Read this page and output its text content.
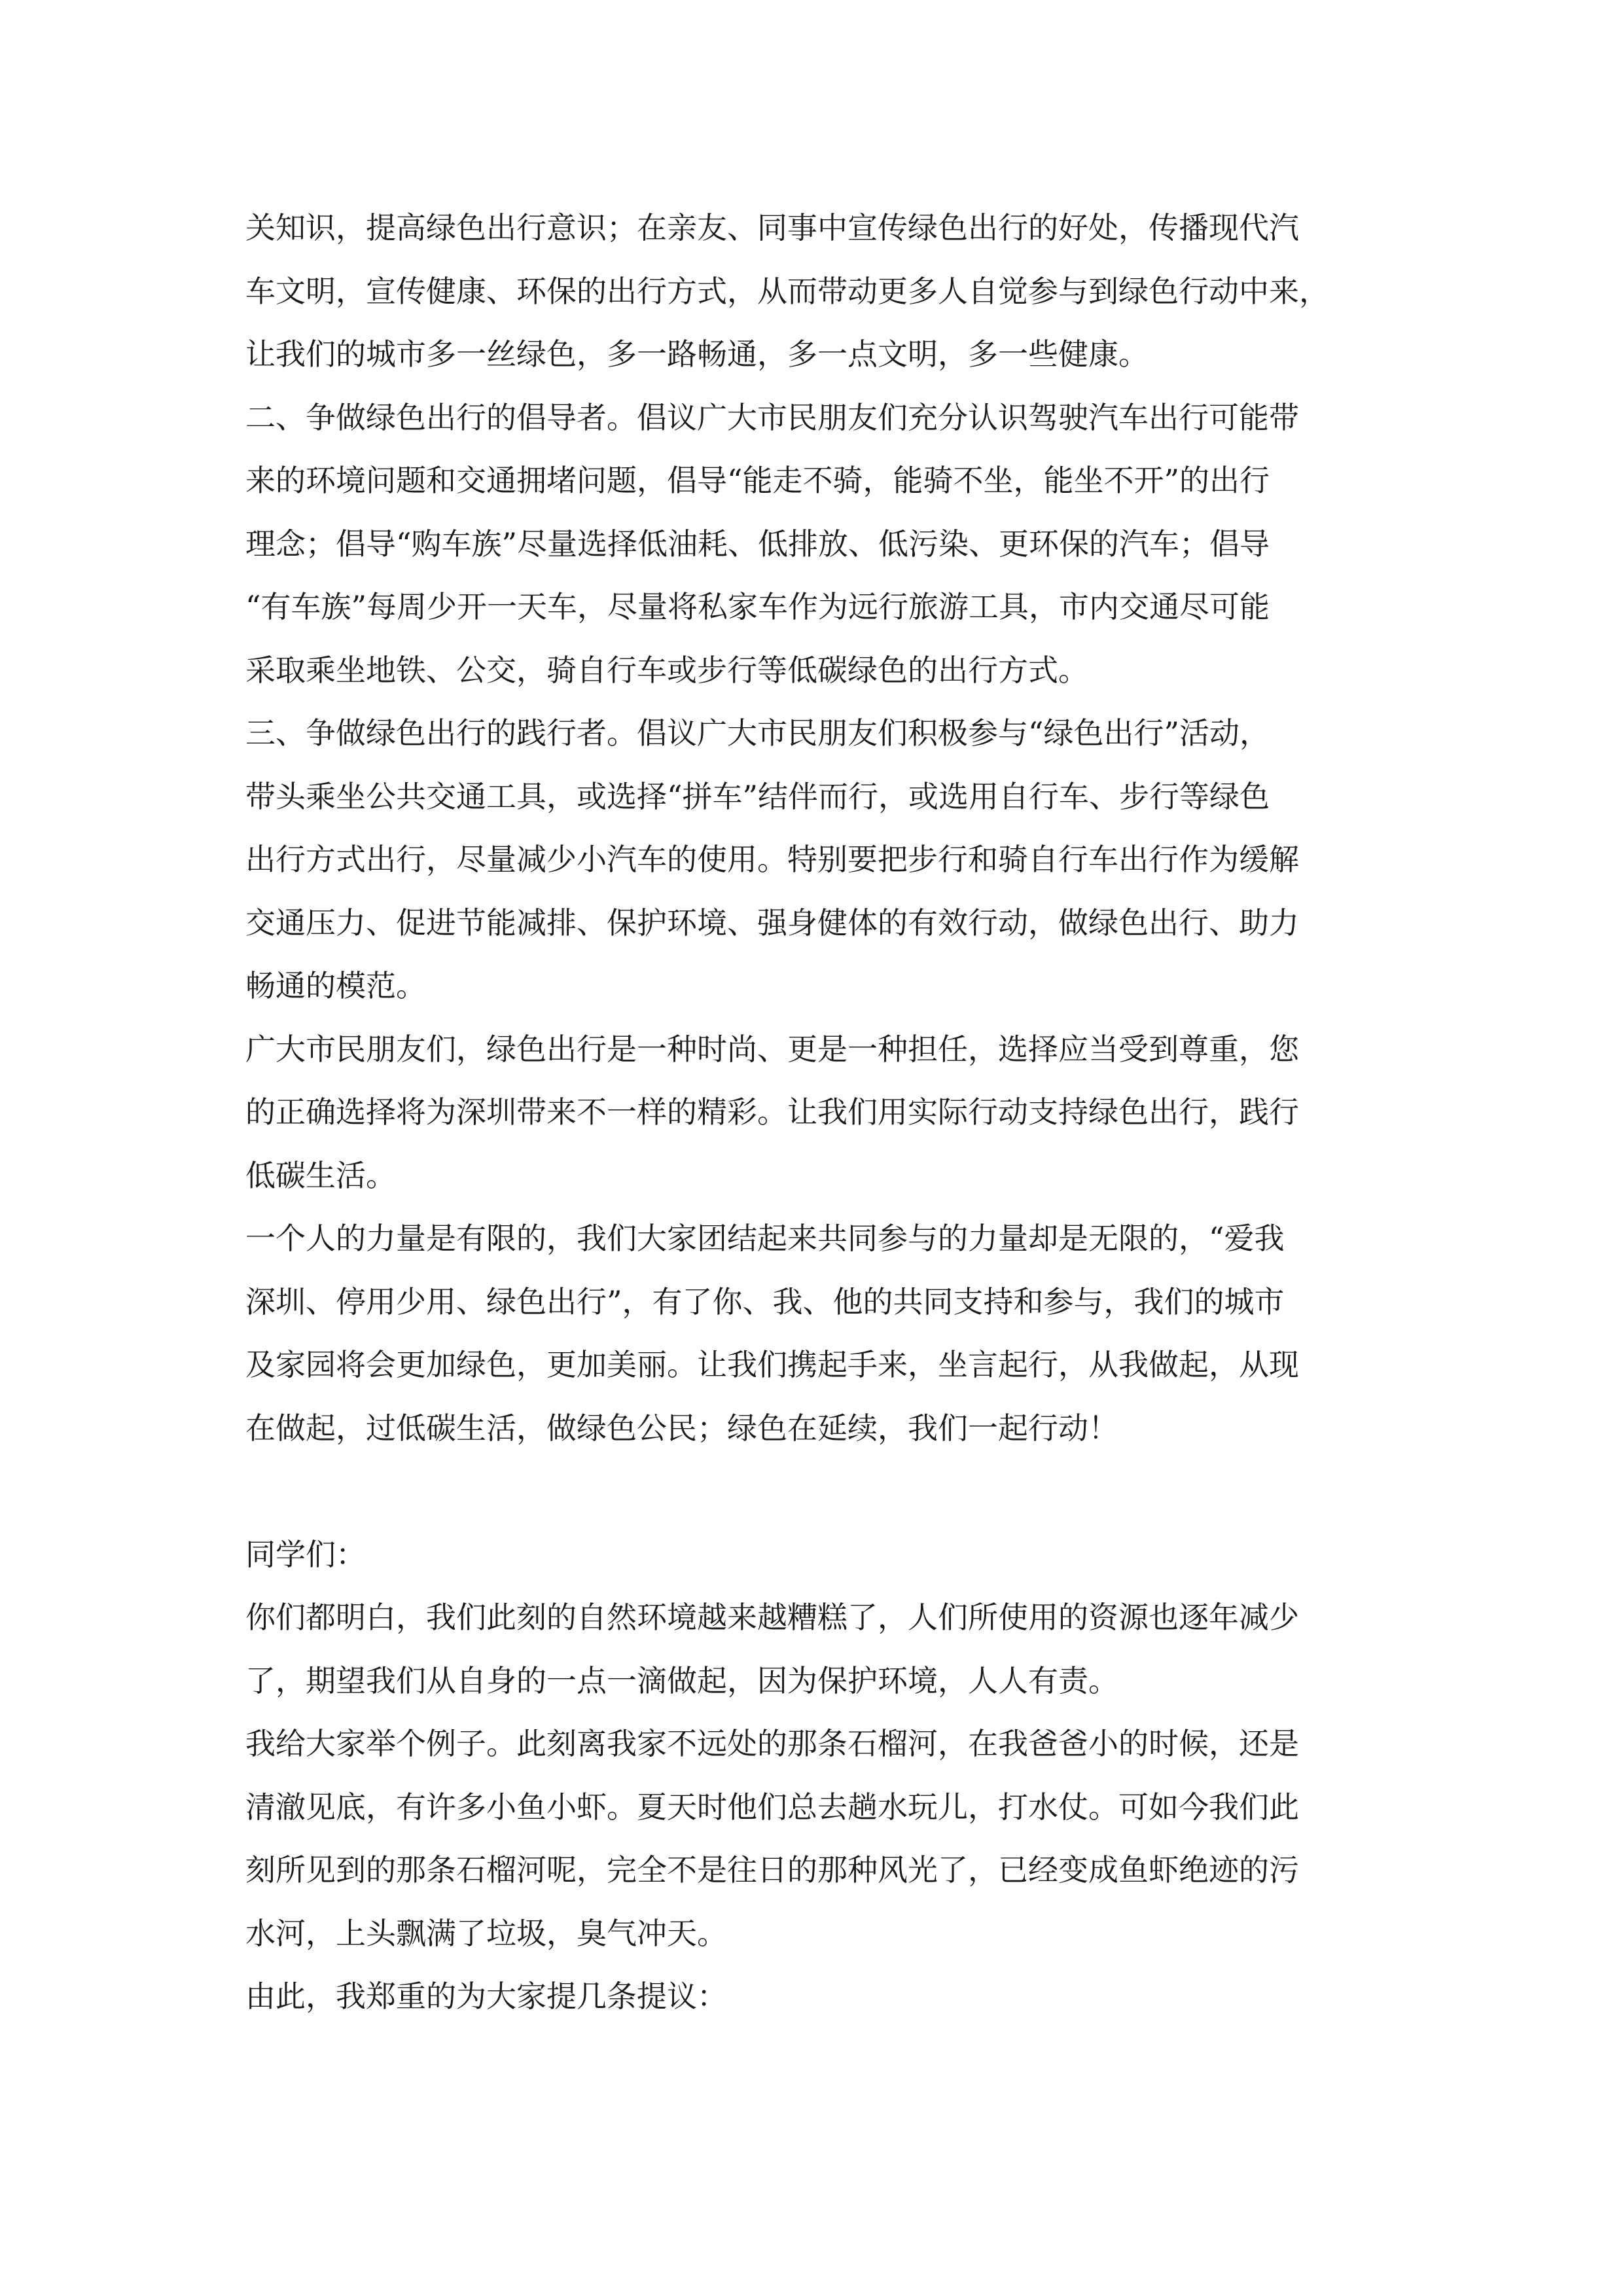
关知识，提高绿色出行意识；在亲友、同事中宣传绿色出行的好处，传播现代汽
车文明，宣传健康、环保的出行方式，从而带动更多人自觉参与到绿色行动中来，
让我们的城市多一丝绿色，多一路畅通，多一点文明，多一些健康。
二、争做绿色出行的倡导者。倡议广大市民朋友们充分认识驾驶汽车出行可能带
来的环境问题和交通拥堵问题，倡导“能走不骑，能骑不坐，能坐不开”的出行
理念；倡导“购车族”尽量选择低油耗、低排放、低污染、更环保的汽车；倡导
“有车族”每周少开一天车，尽量将私家车作为远行旅游工具，市内交通尽可能
采取乘坐地铁、公交，骑自行车或步行等低碳绿色的出行方式。
三、争做绿色出行的践行者。倡议广大市民朋友们积极参与“绿色出行”活动，
带头乘坐公共交通工具，或选择“拼车”结伴而行，或选用自行车、步行等绿色
出行方式出行，尽量减少小汽车的使用。特别要把步行和骑自行车出行作为缓解
交通压力、促进节能减排、保护环境、强身健体的有效行动，做绿色出行、助力
畅通的模范。
广大市民朋友们，绿色出行是一种时尚、更是一种担任，选择应当受到尊重，您
的正确选择将为深圳带来不一样的精彩。让我们用实际行动支持绿色出行，践行
低碳生活。
一个人的力量是有限的，我们大家团结起来共同参与的力量却是无限的，“爱我
深圳、停用少用、绿色出行”，有了你、我、他的共同支持和参与，我们的城市
及家园将会更加绿色，更加美丽。让我们携起手来，坐言起行，从我做起，从现
在做起，过低碳生活，做绿色公民；绿色在延续，我们一起行动！
同学们：
你们都明白，我们此刻的自然环境越来越糟糕了，人们所使用的资源也逐年减少
了，期望我们从自身的一点一滴做起，因为保护环境，人人有责。
我给大家举个例子。此刻离我家不远处的那条石榴河，在我爸爸小的时候，还是
清澈见底，有许多小鱼小虾。夏天时他们总去趟水玩儿，打水仗。可如今我们此
刻所见到的那条石榴河呢，完全不是往日的那种风光了，已经变成鱼虾绝迹的污
水河，上头飘满了垃圾，臭气冲天。
由此，我郑重的为大家提几条提议：
